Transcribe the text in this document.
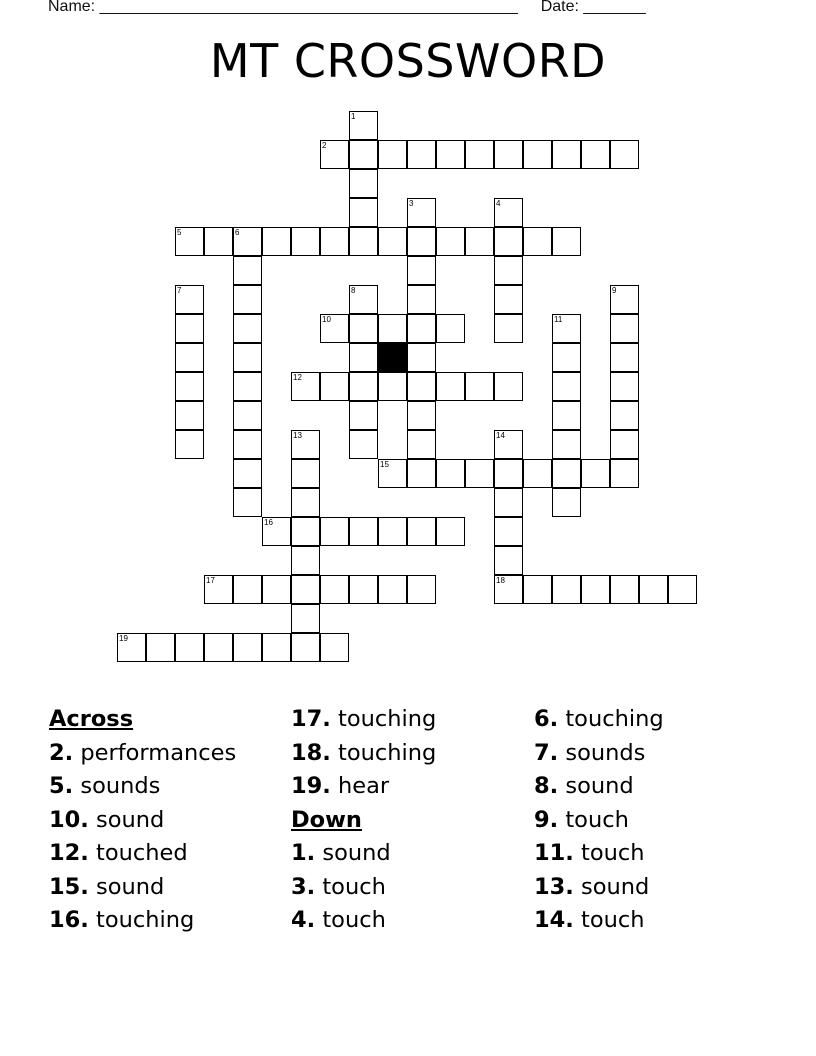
Name: _______________________________________________ Date: _______
MT CROSSWORD
1
2
3	4
5	6
7	8	9
10	11
12
13	14
15
16
17	18
19
Across
2. performances
5. sounds
10. sound
12. touched
15. sound
16. touching
17. touching
18. touching
19. hear
Down
1. sound
3. touch
4. touch
6. touching
7. sounds
8. sound
9. touch
11. touch
13. sound
14. touch
